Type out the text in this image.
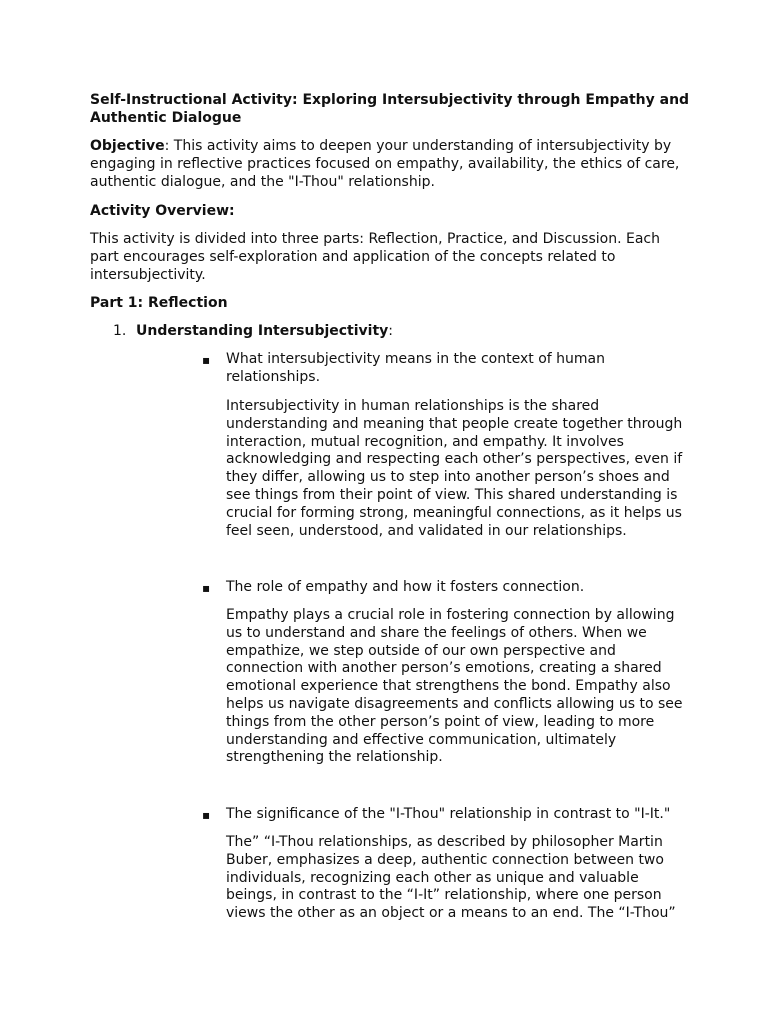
Self-Instructional Activity: Exploring Intersubjectivity through Empathy and Authentic Dialogue

Objective: This activity aims to deepen your understanding of intersubjectivity by engaging in reflective practices focused on empathy, availability, the ethics of care, authentic dialogue, and the "I-Thou" relationship.

Activity Overview:

This activity is divided into three parts: Reflection, Practice, and Discussion. Each part encourages self-exploration and application of the concepts related to intersubjectivity.

Part 1: Reflection

1. Understanding Intersubjectivity:

▪ What intersubjectivity means in the context of human relationships.

Intersubjectivity in human relationships is the shared understanding and meaning that people create together through interaction, mutual recognition, and empathy. It involves acknowledging and respecting each other’s perspectives, even if they differ, allowing us to step into another person’s shoes and see things from their point of view. This shared understanding is crucial for forming strong, meaningful connections, as it helps us feel seen, understood, and validated in our relationships.

▪ The role of empathy and how it fosters connection.

Empathy plays a crucial role in fostering connection by allowing us to understand and share the feelings of others. When we empathize, we step outside of our own perspective and connection with another person’s emotions, creating a shared emotional experience that strengthens the bond. Empathy also helps us navigate disagreements and conflicts allowing us to see things from the other person’s point of view, leading to more understanding and effective communication, ultimately strengthening the relationship.

▪ The significance of the "I-Thou" relationship in contrast to "I-It."

The” “I-Thou relationships, as described by philosopher Martin Buber, emphasizes a deep, authentic connection between two individuals, recognizing each other as unique and valuable beings, in contrast to the “I-It” relationship, where one person views the other as an object or a means to an end. The “I-Thou”
